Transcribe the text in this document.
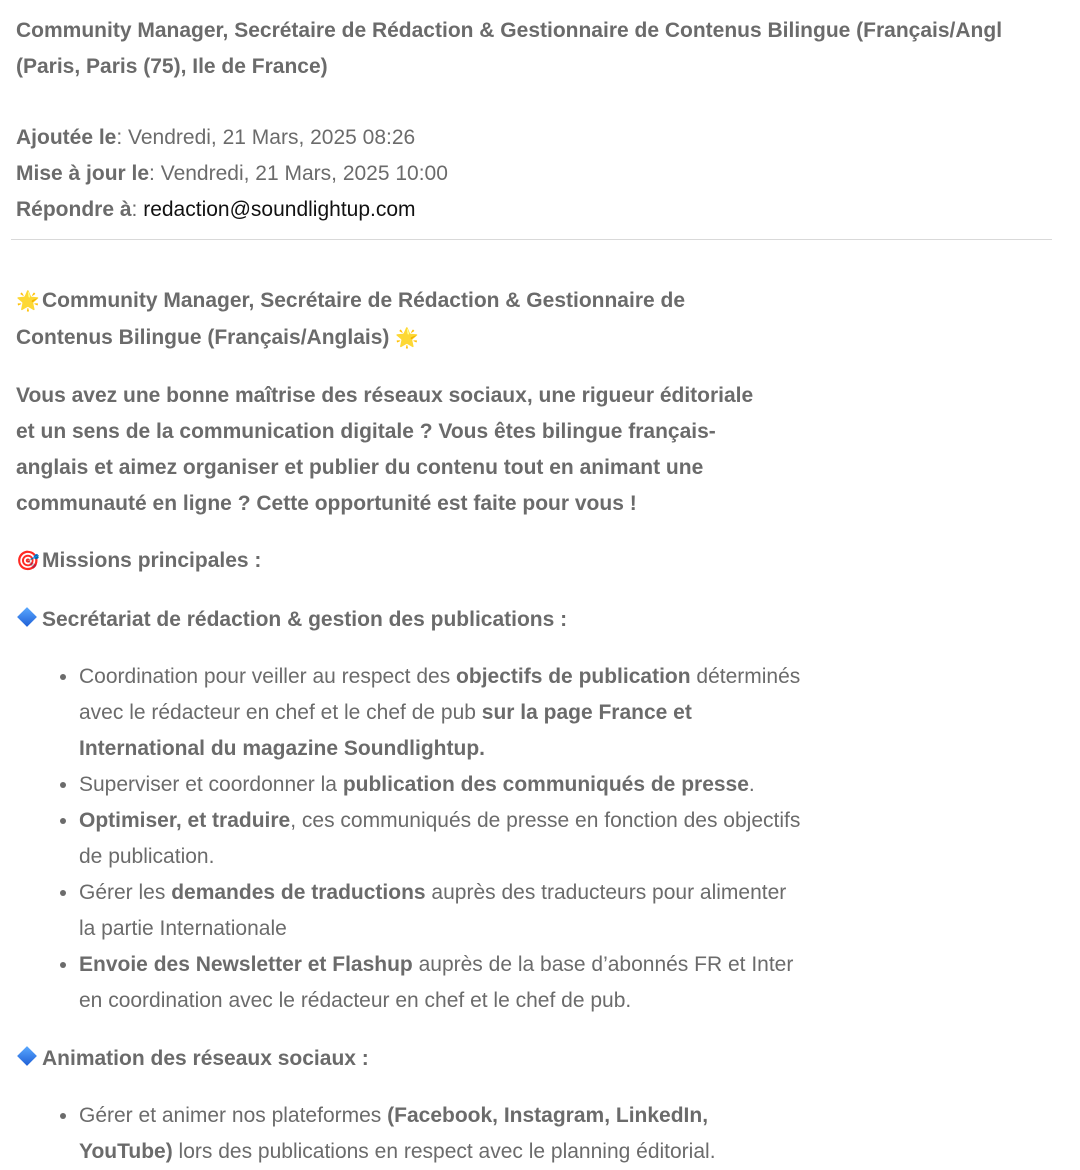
Community Manager, Secrétaire de Rédaction & Gestionnaire de Contenus Bilingue (Français/Angl
(Paris, Paris (75), Ile de France)
Ajoutée le: Vendredi, 21 Mars, 2025 08:26
Mise à jour le: Vendredi, 21 Mars, 2025 10:00
Répondre à: redaction@soundlightup.com

🌟 Community Manager, Secrétaire de Rédaction & Gestionnaire de
Contenus Bilingue (Français/Anglais) 🌟

Vous avez une bonne maîtrise des réseaux sociaux, une rigueur éditoriale
et un sens de la communication digitale ? Vous êtes bilingue français-
anglais et aimez organiser et publier du contenu tout en animant une
communauté en ligne ? Cette opportunité est faite pour vous !

🎯 Missions principales :

Secrétariat de rédaction & gestion des publications :

• Coordination pour veiller au respect des objectifs de publication déterminés avec le rédacteur en chef et le chef de pub sur la page France et International du magazine Soundlightup.
• Superviser et coordonner la publication des communiqués de presse.
• Optimiser, et traduire, ces communiqués de presse en fonction des objectifs de publication.
• Gérer les demandes de traductions auprès des traducteurs pour alimenter la partie Internationale
• Envoie des Newsletter et Flashup auprès de la base d’abonnés FR et Inter en coordination avec le rédacteur en chef et le chef de pub.

Animation des réseaux sociaux :

• Gérer et animer nos plateformes (Facebook, Instagram, LinkedIn, YouTube) lors des publications en respect avec le planning éditorial.
